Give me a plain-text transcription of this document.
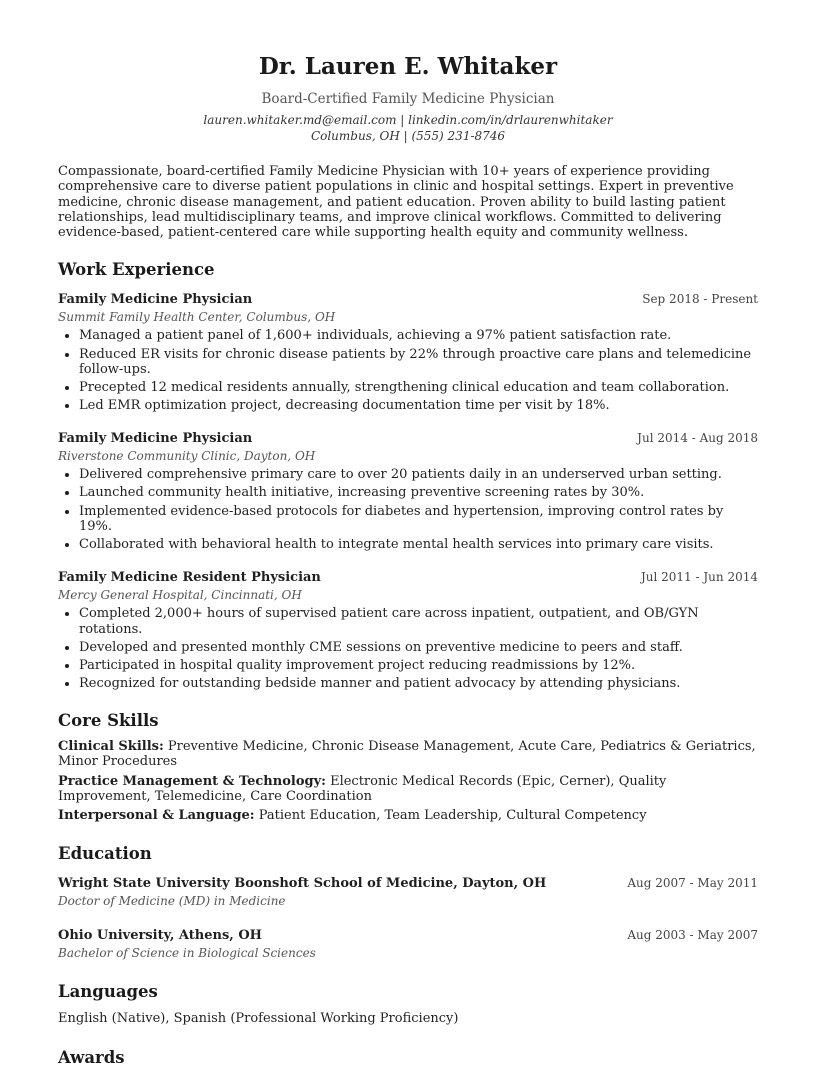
Dr. Lauren E. Whitaker
Board-Certified Family Medicine Physician
lauren.whitaker.md@email.com | linkedin.com/in/drlaurenwhitaker
Columbus, OH | (555) 231-8746
Compassionate, board-certified Family Medicine Physician with 10+ years of experience providing comprehensive care to diverse patient populations in clinic and hospital settings. Expert in preventive medicine, chronic disease management, and patient education. Proven ability to build lasting patient relationships, lead multidisciplinary teams, and improve clinical workflows. Committed to delivering evidence-based, patient-centered care while supporting health equity and community wellness.
Work Experience
Family Medicine Physician	Sep 2018 - Present
Summit Family Health Center, Columbus, OH
• Managed a patient panel of 1,600+ individuals, achieving a 97% patient satisfaction rate.
• Reduced ER visits for chronic disease patients by 22% through proactive care plans and telemedicine follow-ups.
• Precepted 12 medical residents annually, strengthening clinical education and team collaboration.
• Led EMR optimization project, decreasing documentation time per visit by 18%.
Family Medicine Physician	Jul 2014 - Aug 2018
Riverstone Community Clinic, Dayton, OH
• Delivered comprehensive primary care to over 20 patients daily in an underserved urban setting.
• Launched community health initiative, increasing preventive screening rates by 30%.
• Implemented evidence-based protocols for diabetes and hypertension, improving control rates by 19%.
• Collaborated with behavioral health to integrate mental health services into primary care visits.
Family Medicine Resident Physician	Jul 2011 - Jun 2014
Mercy General Hospital, Cincinnati, OH
• Completed 2,000+ hours of supervised patient care across inpatient, outpatient, and OB/GYN rotations.
• Developed and presented monthly CME sessions on preventive medicine to peers and staff.
• Participated in hospital quality improvement project reducing readmissions by 12%.
• Recognized for outstanding bedside manner and patient advocacy by attending physicians.
Core Skills
Clinical Skills: Preventive Medicine, Chronic Disease Management, Acute Care, Pediatrics & Geriatrics, Minor Procedures
Practice Management & Technology: Electronic Medical Records (Epic, Cerner), Quality Improvement, Telemedicine, Care Coordination
Interpersonal & Language: Patient Education, Team Leadership, Cultural Competency
Education
Wright State University Boonshoft School of Medicine, Dayton, OH	Aug 2007 - May 2011
Doctor of Medicine (MD) in Medicine
Ohio University, Athens, OH	Aug 2003 - May 2007
Bachelor of Science in Biological Sciences
Languages
English (Native), Spanish (Professional Working Proficiency)
Awards
